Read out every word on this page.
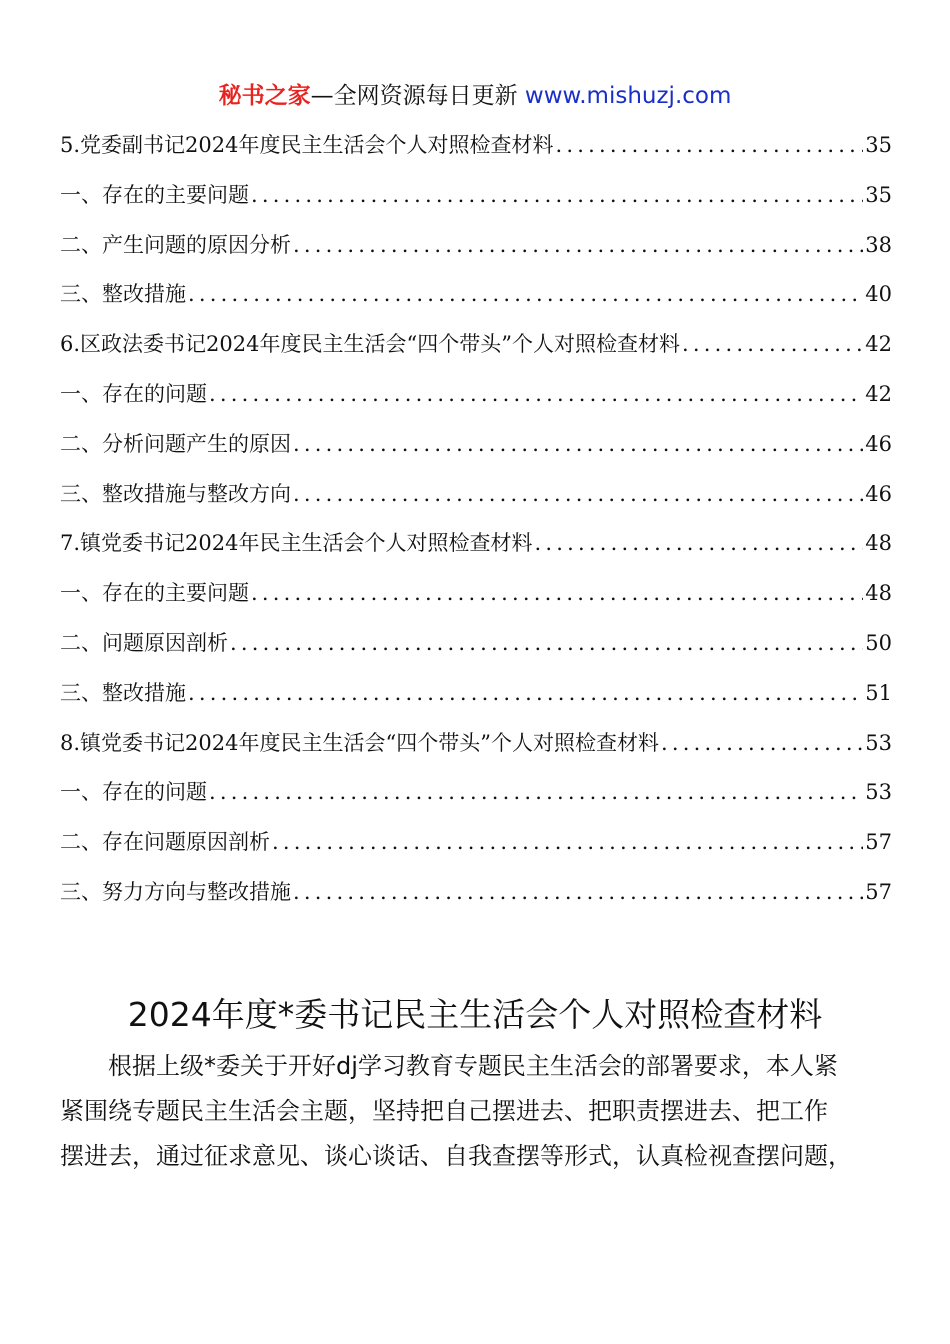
秘书之家—全网资源每日更新 www.mishuzj.com
5.党委副书记2024年度民主生活会个人对照检查材料 .....	35
一、存在的主要问题 .....	35
二、产生问题的原因分析 .....	38
三、整改措施 .....	40
6.区政法委书记2024年度民主生活会“四个带头”个人对照检查材料 .....	42
一、存在的问题 .....	42
二、分析问题产生的原因 .....	46
三、整改措施与整改方向 .....	46
7.镇党委书记2024年民主生活会个人对照检查材料 .....	48
一、存在的主要问题 .....	48
二、问题原因剖析 .....	50
三、整改措施 .....	51
8.镇党委书记2024年度民主生活会“四个带头”个人对照检查材料 .....	53
一、存在的问题 .....	53
二、存在问题原因剖析 .....	57
三、努力方向与整改措施 .....	57
2024年度*委书记民主生活会个人对照检查材料
根据上级*委关于开好dj学习教育专题民主生活会的部署要求，本人紧
紧围绕专题民主生活会主题，坚持把自己摆进去、把职责摆进去、把工作
摆进去，通过征求意见、谈心谈话、自我查摆等形式，认真检视查摆问题，
